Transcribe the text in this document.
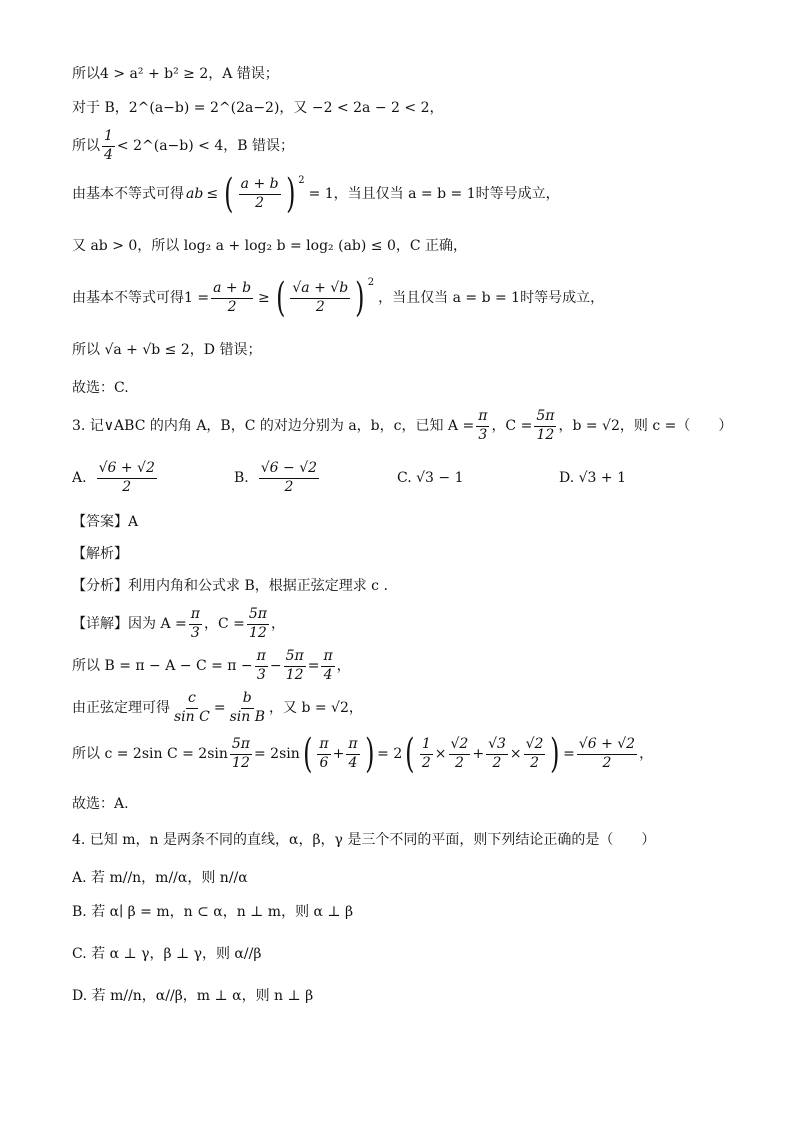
所以4 > a² + b² ≥ 2，A 错误；
对于 B，2^(a−b) = 2^(2a−2)，又 −2 < 2a − 2 < 2，
所以 $\frac{1}{4}$ < 2^(a−b) < 4，B 错误；
由基本不等式可得 ab ≤ ( $\frac{a + b}{2}$ ) 2
= 1，当且仅当 a = b = 1时等号成立，
又 ab > 0，所以 log₂ a + log₂ b = log₂ (ab) ≤ 0，C 正确，
由基本不等式可得$1 = \frac{a + b}{2}$ ≥ ( $\frac{√a + √b}{2}$ ) 2
，当且仅当 a = b = 1时等号成立，
所以 √a + √b ≤ 2，D 错误；
故选：C.
3. 记∨ABC 的内角 A，B，C 的对边分别为 a，b，c，已知 $A = \frac{\pi}{3}$ ，$C = \frac{5\pi}{12}$ ，b = √2，则 c =（　　）
A. $\frac{√6 + √2}{2}$	B. $\frac{√6 - √2}{2}$	C. √3 − 1	D. √3 + 1
【答案】A
【解析】
【分析】利用内角和公式求 B，根据正弦定理求 c .
【详解】因为 $A = \frac{\pi}{3}$ ，$C = \frac{5\pi}{12}$ ，
所以 $B = \pi - A - C = \pi - \frac{\pi}{3} - \frac{5\pi}{12} = \frac{\pi}{4}$ ，
由正弦定理可得 $\frac{c}{\text{sin C}} = \frac{b}{\text{sin B}}$ ，又 b = √2，
所以 c = 2sin $C = 2\sin \frac{5\pi}{12} = 2\sin$ ( $\frac{\pi}{6} + \frac{\pi}{4}$ ) = 2 ( $\frac{1}{2} \times \frac{√2}{2} + \frac{√3}{2} \times \frac{√2}{2}$ ) = $\frac{√6 + √2}{2}$ ，
故选：A.
4. 已知 m，n 是两条不同的直线，α，β，γ 是三个不同的平面，则下列结论正确的是（　　）
A. 若 m//n，m//α，则 n//α
B. 若 α∣ β = m，n ⊂ α，n ⊥ m，则 α ⊥ β
C. 若 α ⊥ γ，β ⊥ γ，则 α//β
D. 若 m//n，α//β，m ⊥ α，则 n ⊥ β
